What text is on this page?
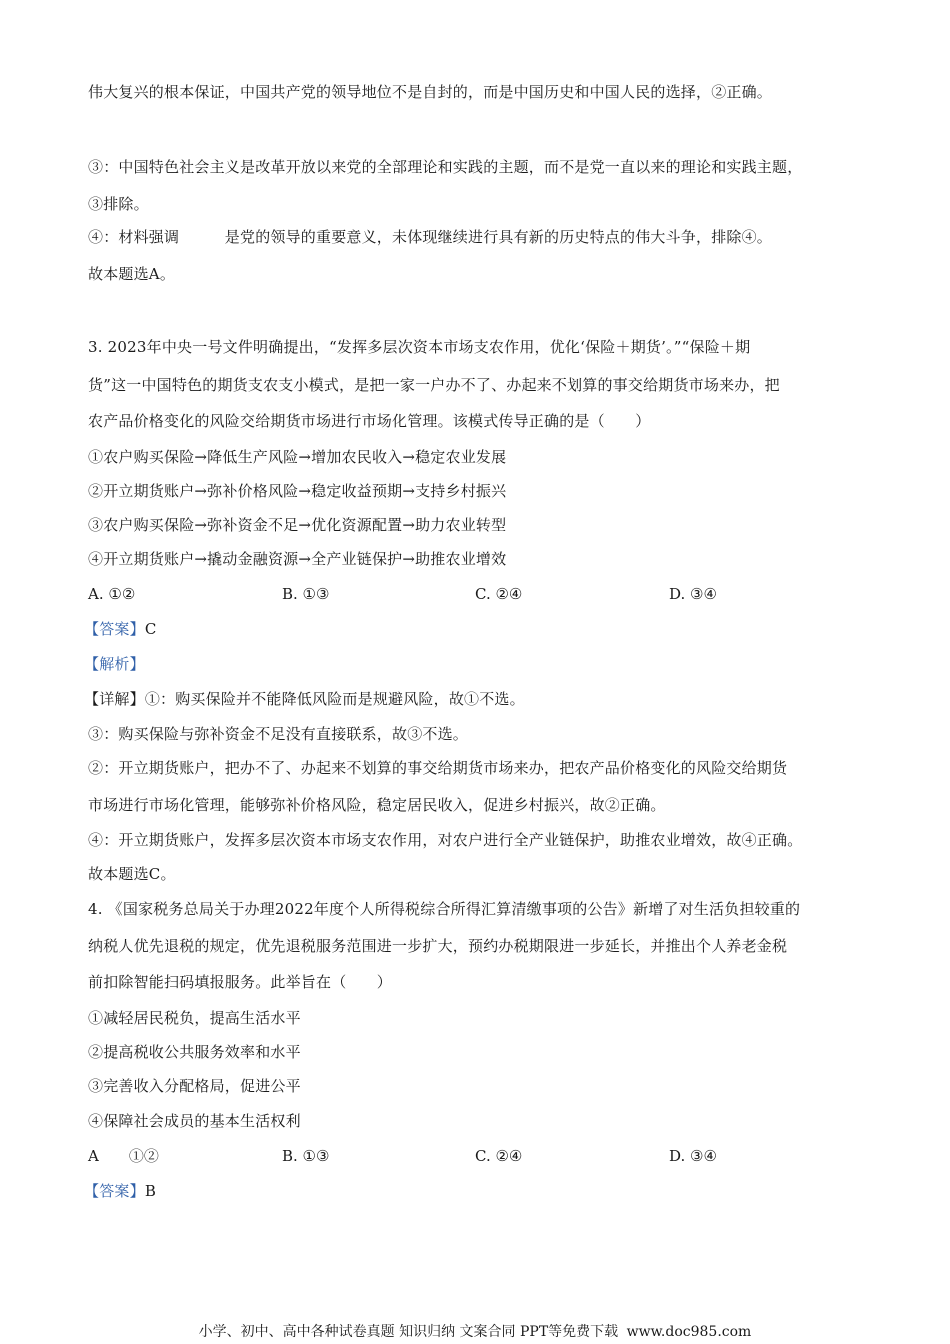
伟大复兴的根本保证，中国共产党的领导地位不是自封的，而是中国历史和中国人民的选择，②正确。
③：中国特色社会主义是改革开放以来党的全部理论和实践的主题，而不是党一直以来的理论和实践主题，
③排除。
④：材料强调　　　是党的领导的重要意义，未体现继续进行具有新的历史特点的伟大斗争，排除④。
故本题选A。
3. 2023年中央一号文件明确提出，“发挥多层次资本市场支农作用，优化‘保险＋期货’。”“保险＋期
货”这一中国特色的期货支农支小模式，是把一家一户办不了、办起来不划算的事交给期货市场来办，把
农产品价格变化的风险交给期货市场进行市场化管理。该模式传导正确的是（　　）
①农户购买保险→降低生产风险→增加农民收入→稳定农业发展
②开立期货账户→弥补价格风险→稳定收益预期→支持乡村振兴
③农户购买保险→弥补资金不足→优化资源配置→助力农业转型
④开立期货账户→撬动金融资源→全产业链保护→助推农业增效
A. ①②	B. ①③	C. ②④	D. ③④
【答案】C
【解析】
【详解】①：购买保险并不能降低风险而是规避风险，故①不选。
③：购买保险与弥补资金不足没有直接联系，故③不选。
②：开立期货账户，把办不了、办起来不划算的事交给期货市场来办，把农产品价格变化的风险交给期货
市场进行市场化管理，能够弥补价格风险，稳定居民收入，促进乡村振兴，故②正确。
④：开立期货账户，发挥多层次资本市场支农作用，对农户进行全产业链保护，助推农业增效，故④正确。
故本题选C。
4. 《国家税务总局关于办理2022年度个人所得税综合所得汇算清缴事项的公告》新增了对生活负担较重的
纳税人优先退税的规定，优先退税服务范围进一步扩大，预约办税期限进一步延长，并推出个人养老金税
前扣除智能扫码填报服务。此举旨在（　　）
①减轻居民税负，提高生活水平
②提高税收公共服务效率和水平
③完善收入分配格局，促进公平
④保障社会成员的基本生活权利
A　　①②	B. ①③	C. ②④	D. ③④
【答案】B
小学、初中、高中各种试卷真题 知识归纳 文案合同 PPT等免费下载 www.doc985.com
